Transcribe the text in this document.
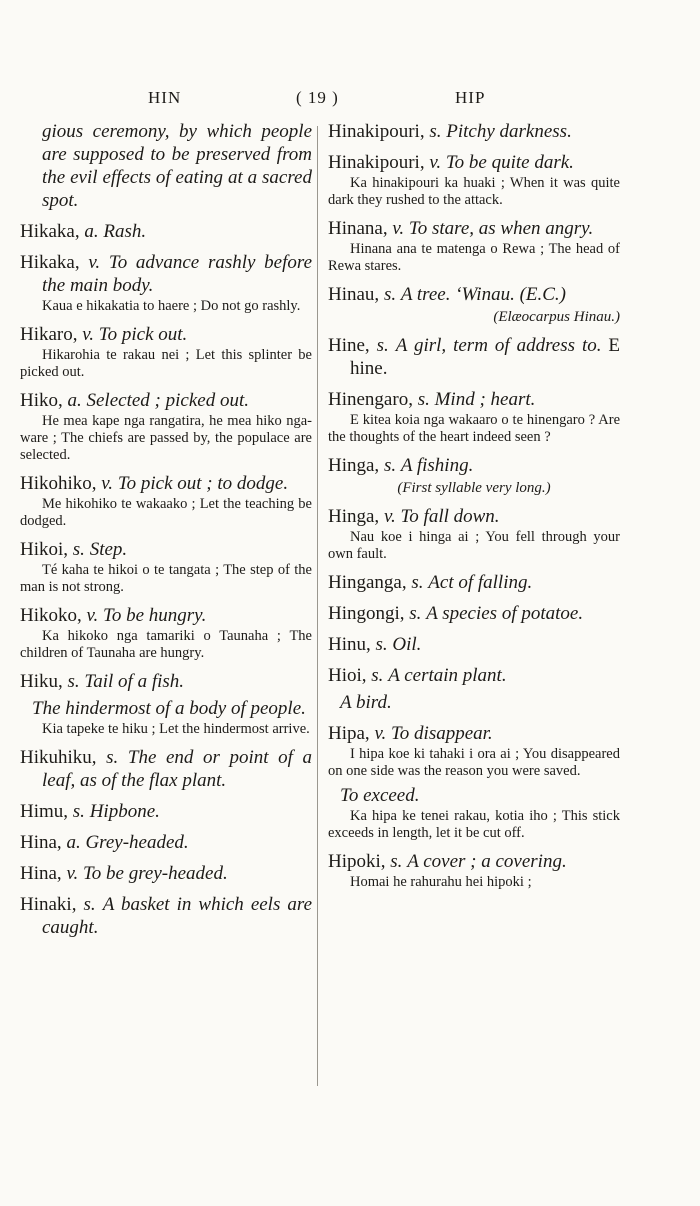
HIN	( 19 )	HIP

gious ceremony, by which people are supposed to be preserved from the evil effects of eating at a sacred spot.

Hikaka, a. Rash.

Hikaka, v. To advance rashly before the main body.

Kaua e hikakatia to haere ; Do not go rashly.

Hikaro, v. To pick out.

Hikarohia te rakau nei ; Let this splinter be picked out.

Hiko, a. Selected ; picked out.

He mea kape nga rangatira, he mea hiko nga-ware ; The chiefs are passed by, the populace are selected.

Hikohiko, v. To pick out ; to dodge.

Me hikohiko te wakaako ; Let the teaching be dodged.

Hikoi, s. Step.

Té kaha te hikoi o te tangata ; The step of the man is not strong.

Hikoko, v. To be hungry.

Ka hikoko nga tamariki o Taunaha ; The children of Taunaha are hungry.

Hiku, s. Tail of a fish.

The hindermost of a body of people.

Kia tapeke te hiku ; Let the hindermost arrive.

Hikuhiku, s. The end or point of a leaf, as of the flax plant.

Himu, s. Hipbone.

Hina, a. Grey-headed.

Hina, v. To be grey-headed.

Hinaki, s. A basket in which eels are caught.

Hinakipouri, s. Pitchy darkness.

Hinakipouri, v. To be quite dark.

Ka hinakipouri ka huaki ; When it was quite dark they rushed to the attack.

Hinana, v. To stare, as when angry.

Hinana ana te matenga o Rewa ; The head of Rewa stares.

Hinau, s. A tree. ‘Winau. (E.C.)

(Elæocarpus Hinau.)

Hine, s. A girl, term of address to. E hine.

Hinengaro, s. Mind ; heart.

E kitea koia nga wakaaro o te hinengaro ? Are the thoughts of the heart indeed seen ?

Hinga, s. A fishing.

(First syllable very long.)

Hinga, v. To fall down.

Nau koe i hinga ai ; You fell through your own fault.

Hinganga, s. Act of falling.

Hingongi, s. A species of potatoe.

Hinu, s. Oil.

Hioi, s. A certain plant.

A bird.

Hipa, v. To disappear.

I hipa koe ki tahaki i ora ai ; You disappeared on one side was the reason you were saved.

To exceed.

Ka hipa ke tenei rakau, kotia iho ; This stick exceeds in length, let it be cut off.

Hipoki, s. A cover ; a covering.

Homai he rahurahu hei hipoki ;
